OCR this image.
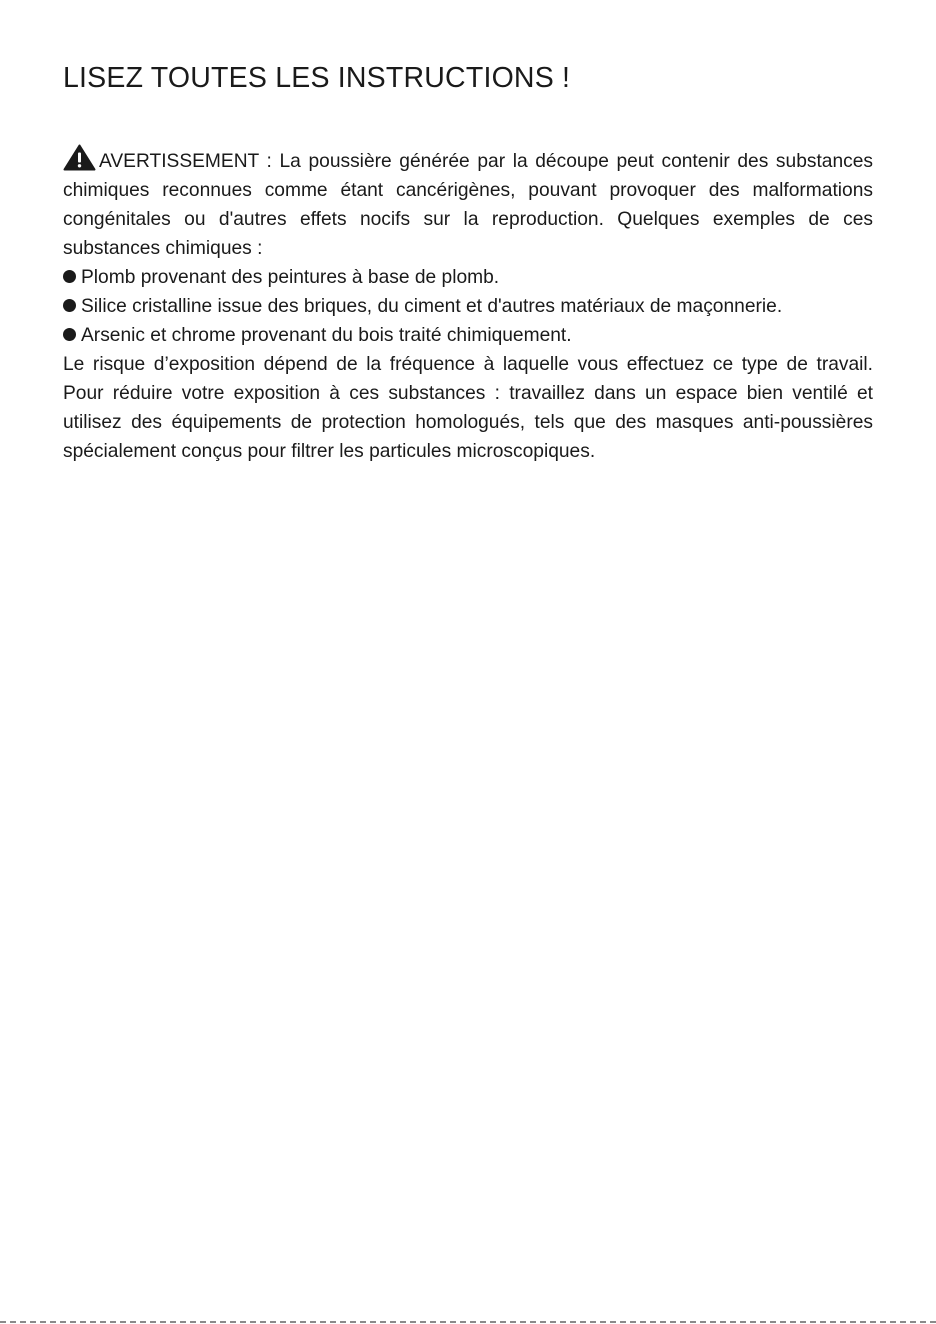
LISEZ TOUTES LES INSTRUCTIONS !

AVERTISSEMENT : La poussière générée par la découpe peut contenir des substances chimiques reconnues comme étant cancérigènes, pouvant provoquer des malformations congénitales ou d'autres effets nocifs sur la reproduction. Quelques exemples de ces substances chimiques :

Plomb provenant des peintures à base de plomb.
Silice cristalline issue des briques, du ciment et d'autres matériaux de maçonnerie.
Arsenic et chrome provenant du bois traité chimiquement.

Le risque d’exposition dépend de la fréquence à laquelle vous effectuez ce type de travail. Pour réduire votre exposition à ces substances : travaillez dans un espace bien ventilé et utilisez des équipements de protection homologués, tels que des masques anti-poussières spécialement conçus pour filtrer les particules microscopiques.
